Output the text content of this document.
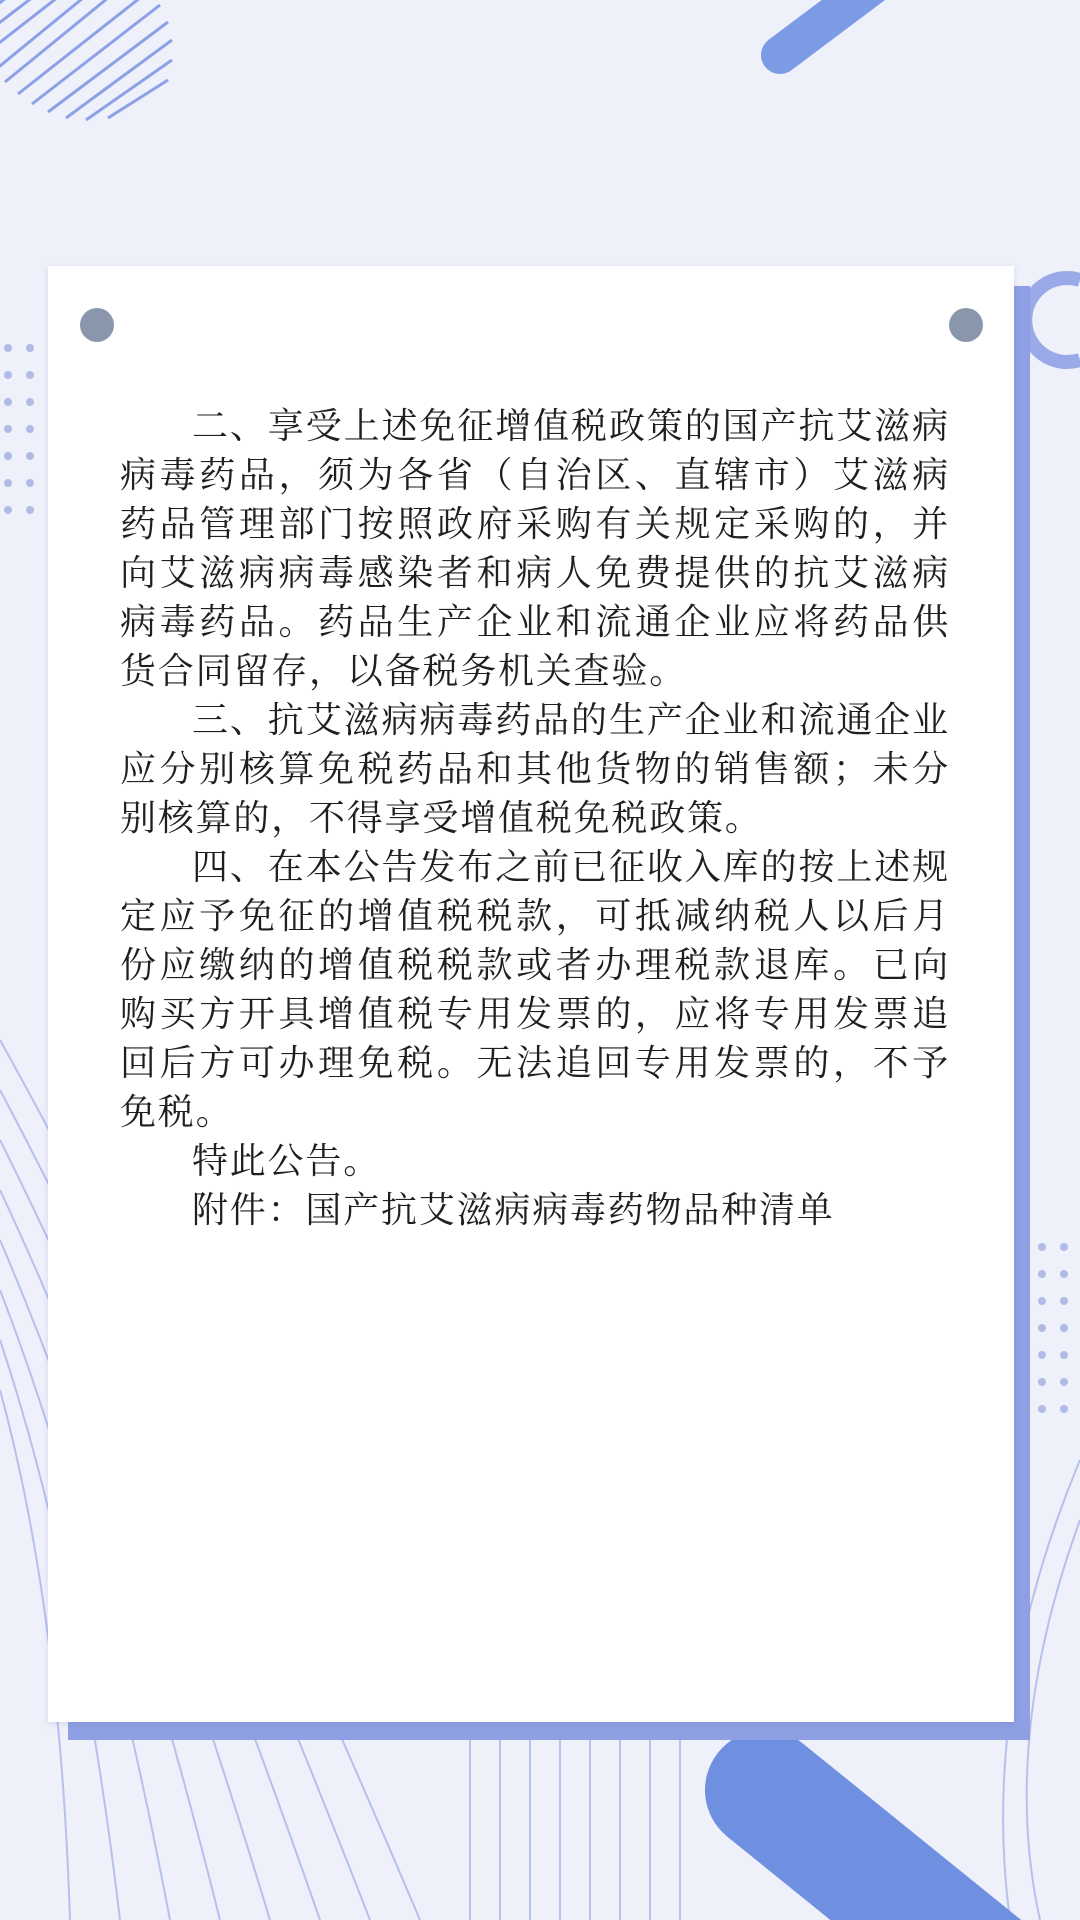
二、享受上述免征增值税政策的国产抗艾滋病病毒药品，须为各省（自治区、直辖市）艾滋病药品管理部门按照政府采购有关规定采购的，并向艾滋病病毒感染者和病人免费提供的抗艾滋病病毒药品。药品生产企业和流通企业应将药品供货合同留存，以备税务机关查验。

三、抗艾滋病病毒药品的生产企业和流通企业应分别核算免税药品和其他货物的销售额；未分别核算的，不得享受增值税免税政策。

四、在本公告发布之前已征收入库的按上述规定应予免征的增值税税款，可抵减纳税人以后月份应缴纳的增值税税款或者办理税款退库。已向购买方开具增值税专用发票的，应将专用发票追回后方可办理免税。无法追回专用发票的，不予免税。

特此公告。

附件：国产抗艾滋病病毒药物品种清单
